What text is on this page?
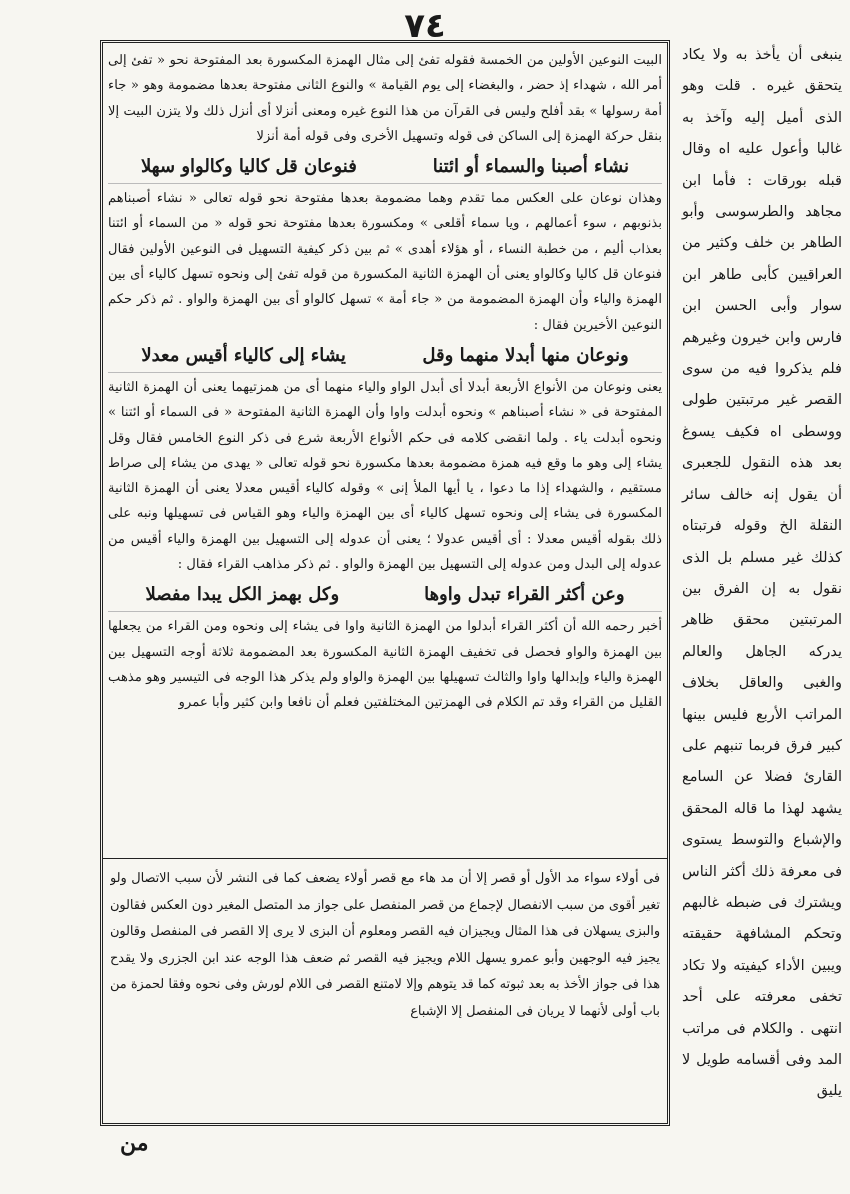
٧٤
ينبغى أن يأخذ به ولا يكاد يتحقق غيره . قلت وهو الذى أميل إليه وآخذ به غالبا وأعول عليه اه وقال قبله بورقات : فأما ابن مجاهد والطرسوسى وأبو الطاهر بن خلف وكثير من العراقيين كأبى طاهر ابن سوار وأبى الحسن ابن فارس وابن خيرون وغيرهم فلم يذكروا فيه من سوى القصر غير مرتبتين طولى ووسطى اه فكيف يسوغ بعد هذه النقول للجعبرى أن يقول إنه خالف سائر النقلة الخ وقوله فرتبتاه كذلك غير مسلم بل الذى نقول به إن الفرق بين المرتبتين محقق ظاهر يدركه الجاهل والعالم والغبى والعاقل بخلاف المراتب الأربع فليس بينها كبير فرق فربما تنبهم على القارئ فضلا عن السامع يشهد لهذا ما قاله المحقق والإشباع والتوسط يستوى فى معرفة ذلك أكثر الناس ويشترك فى ضبطه غالبهم وتحكم المشافهة حقيقته ويبين الأداء كيفيته ولا تكاد تخفى معرفته على أحد انتهى . والكلام فى مراتب المد وفى أقسامه طويل لا يليق

البيت النوعين الأولين من الخمسة فقوله تفئ إلى مثال الهمزة المكسورة بعد المفتوحة نحو « تفئ إلى أمر الله ، شهداء إذ حضر ، والبغضاء إلى يوم القيامة » والنوع الثانى مفتوحة بعدها مضمومة وهو « جاء أمة رسولها » بقد أفلح وليس فى القرآن من هذا النوع غيره ومعنى أنزلا أى أنزل ذلك ولا يتزن البيت إلا بنقل حركة الهمزة إلى الساكن فى قوله وتسهيل الأخرى وفى قوله أمة أنزلا

نشاء أصبنا والسماء أو ائتنا
فنوعان قل كاليا وكالواو سهلا

وهذان نوعان على العكس مما تقدم وهما مضمومة بعدها مفتوحة نحو قوله تعالى « نشاء أصبناهم بذنوبهم ، سوء أعمالهم ، ويا سماء أقلعى » ومكسورة بعدها مفتوحة نحو قوله « من السماء أو ائتنا بعذاب أليم ، من خطبة النساء ، أو هؤلاء أهدى » ثم بين ذكر كيفية التسهيل فى النوعين الأولين فقال فنوعان قل كاليا وكالواو يعنى أن الهمزة الثانية المكسورة من قوله تفئ إلى ونحوه تسهل كالياء أى بين الهمزة والياء وأن الهمزة المضمومة من « جاء أمة » تسهل كالواو أى بين الهمزة والواو . ثم ذكر حكم النوعين الأخيرين فقال :

ونوعان منها أبدلا منهما وقل
يشاء إلى كالياء أقيس معدلا

يعنى ونوعان من الأنواع الأربعة أبدلا أى أبدل الواو والياء منهما أى من همزتيهما يعنى أن الهمزة الثانية المفتوحة فى « نشاء أصبناهم » ونحوه أبدلت واوا وأن الهمزة الثانية المفتوحة « فى السماء أو ائتنا » ونحوه أبدلت ياء . ولما انقضى كلامه فى حكم الأنواع الأربعة شرع فى ذكر النوع الخامس فقال وقل يشاء إلى وهو ما وقع فيه همزة مضمومة بعدها مكسورة نحو قوله تعالى « يهدى من يشاء إلى صراط مستقيم ، والشهداء إذا ما دعوا ، يا أيها الملأ إنى » وقوله كالياء أقيس معدلا يعنى أن الهمزة الثانية المكسورة فى يشاء إلى ونحوه تسهل كالياء أى بين الهمزة والياء وهو القياس فى تسهيلها ونبه على ذلك بقوله أقيس معدلا : أى أقيس عدولا ؛ يعنى أن عدوله إلى التسهيل بين الهمزة والياء أقيس من عدوله إلى البدل ومن عدوله إلى التسهيل بين الهمزة والواو . ثم ذكر مذاهب القراء فقال :

وعن أكثر القراء تبدل واوها
وكل بهمز الكل يبدا مفصلا

أخبر رحمه الله أن أكثر القراء أبدلوا من الهمزة الثانية واوا فى يشاء إلى ونحوه ومن القراء من يجعلها بين الهمزة والواو فحصل فى تخفيف الهمزة الثانية المكسورة بعد المضمومة ثلاثة أوجه التسهيل بين الهمزة والياء وإبدالها واوا والثالث تسهيلها بين الهمزة والواو ولم يذكر هذا الوجه فى التيسير وهو مذهب القليل من القراء وقد تم الكلام فى الهمزتين المختلفتين فعلم أن نافعا وابن كثير وأبا عمرو

فى أولاء سواء مد الأول أو قصر إلا أن مد هاء مع قصر أولاء يضعف كما فى النشر لأن سبب الاتصال ولو تغير أقوى من سبب الانفصال لإجماع من قصر المنفصل على جواز مد المتصل المغير دون العكس فقالون والبزى يسهلان فى هذا المثال ويجيزان فيه القصر ومعلوم أن البزى لا يرى إلا القصر فى المنفصل وقالون يجيز فيه الوجهين وأبو عمرو يسهل اللام ويجيز فيه القصر ثم ضعف هذا الوجه عند ابن الجزرى ولا يقدح هذا فى جواز الأخذ به بعد ثبوته كما قد يتوهم وإلا لامتنع القصر فى اللام لورش وفى نحوه وفقا لحمزة من باب أولى لأنهما لا يريان فى المنفصل إلا الإشباع

من
